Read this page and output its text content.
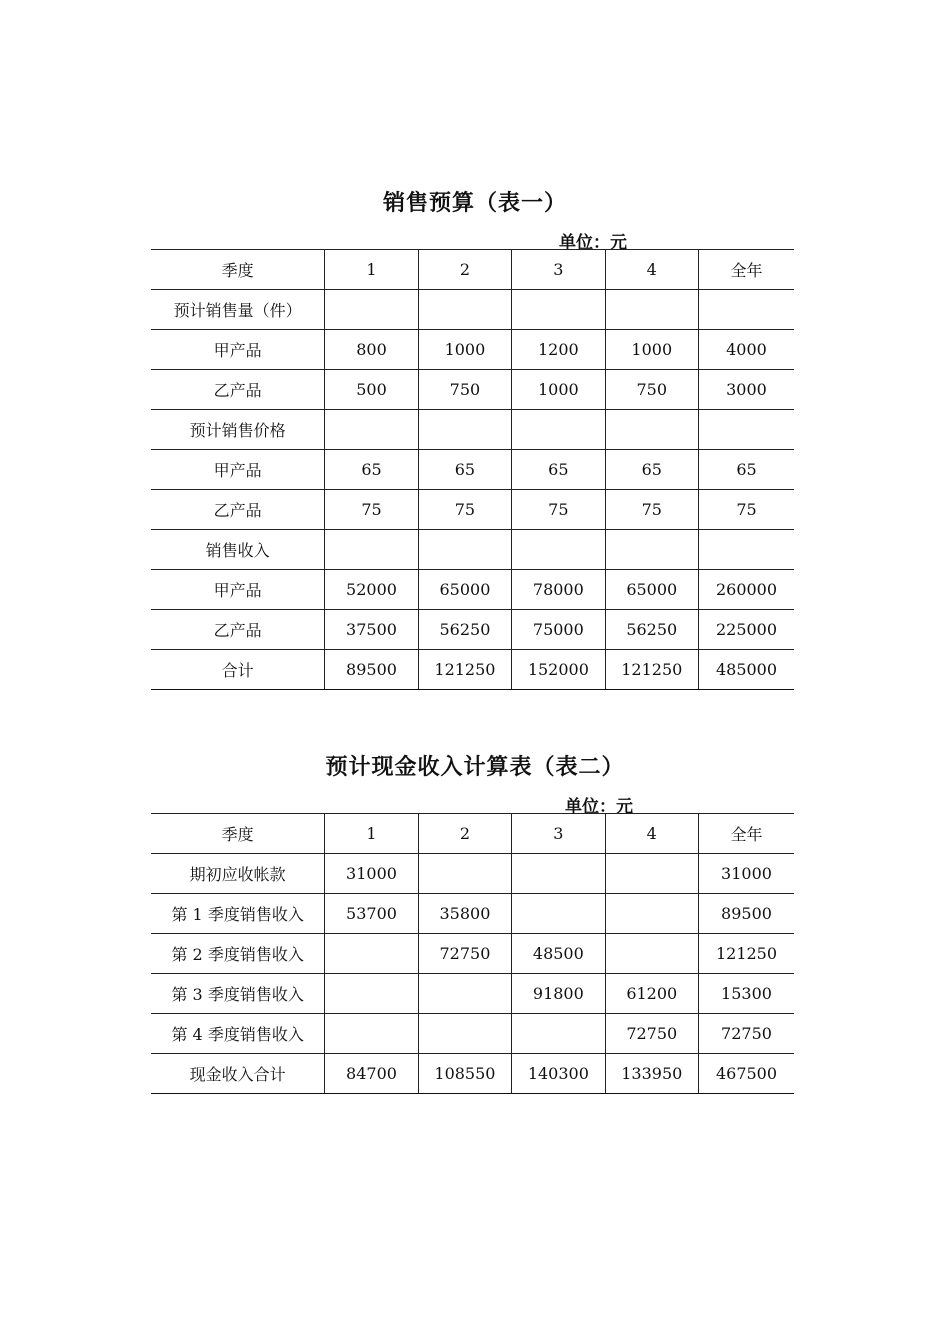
销售预算（表一）
单位：元
季度	1	2	3	4	全年
预计销售量（件）					
甲产品	800	1000	1200	1000	4000
乙产品	500	750	1000	750	3000
预计销售价格					
甲产品	65	65	65	65	65
乙产品	75	75	75	75	75
销售收入					
甲产品	52000	65000	78000	65000	260000
乙产品	37500	56250	75000	56250	225000
合计	89500	121250	152000	121250	485000
预计现金收入计算表（表二）
单位：元
季度	1	2	3	4	全年
期初应收帐款	31000				31000
第 1 季度销售收入	53700	35800			89500
第 2 季度销售收入		72750	48500		121250
第 3 季度销售收入			91800	61200	15300
第 4 季度销售收入				72750	72750
现金收入合计	84700	108550	140300	133950	467500
